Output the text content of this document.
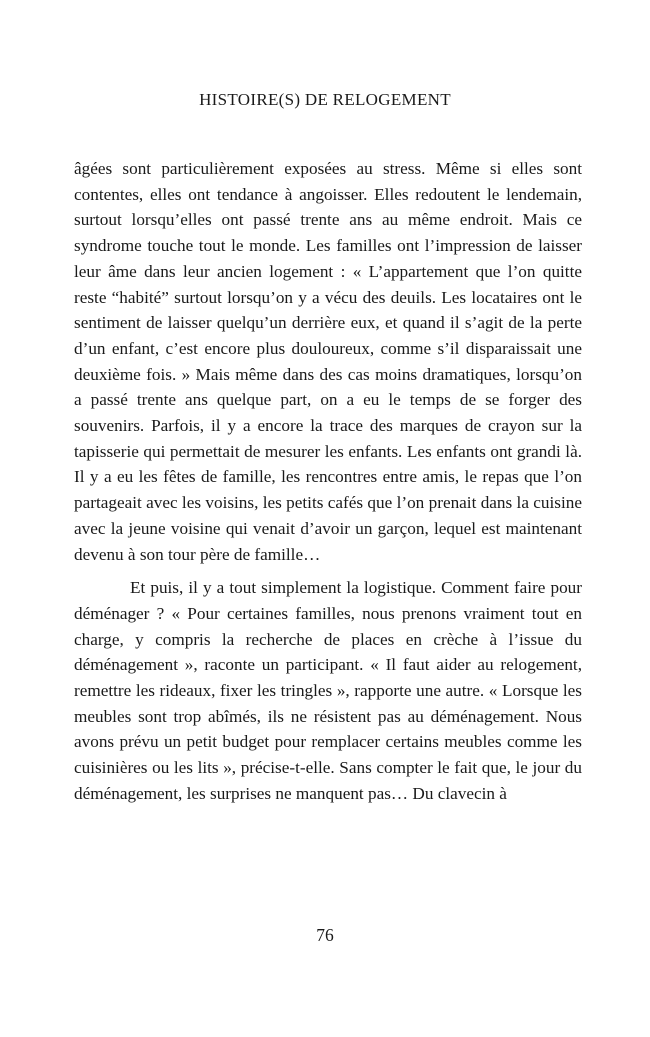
HISTOIRE(S) DE RELOGEMENT

âgées sont particulièrement exposées au stress. Même si elles sont contentes, elles ont tendance à angoisser. Elles redoutent le lendemain, surtout lorsqu’elles ont passé trente ans au même endroit. Mais ce syndrome touche tout le monde. Les familles ont l’impression de laisser leur âme dans leur ancien logement : « L’appartement que l’on quitte reste “habité” surtout lorsqu’on y a vécu des deuils. Les locataires ont le sentiment de laisser quelqu’un derrière eux, et quand il s’agit de la perte d’un enfant, c’est encore plus douloureux, comme s’il disparaissait une deuxième fois. » Mais même dans des cas moins dramatiques, lorsqu’on a passé trente ans quelque part, on a eu le temps de se forger des souvenirs. Parfois, il y a encore la trace des marques de crayon sur la tapisserie qui permettait de mesurer les enfants. Les enfants ont grandi là. Il y a eu les fêtes de famille, les rencontres entre amis, le repas que l’on partageait avec les voisins, les petits cafés que l’on prenait dans la cuisine avec la jeune voisine qui venait d’avoir un garçon, lequel est maintenant devenu à son tour père de famille…

Et puis, il y a tout simplement la logistique. Comment faire pour déménager ? « Pour certaines familles, nous prenons vraiment tout en charge, y compris la recherche de places en crèche à l’issue du déménagement », raconte un participant. « Il faut aider au relogement, remettre les rideaux, fixer les tringles », rapporte une autre. « Lorsque les meubles sont trop abîmés, ils ne résistent pas au déménagement. Nous avons prévu un petit budget pour remplacer certains meubles comme les cuisinières ou les lits », précise-t-elle. Sans compter le fait que, le jour du déménagement, les surprises ne manquent pas… Du clavecin à

76
